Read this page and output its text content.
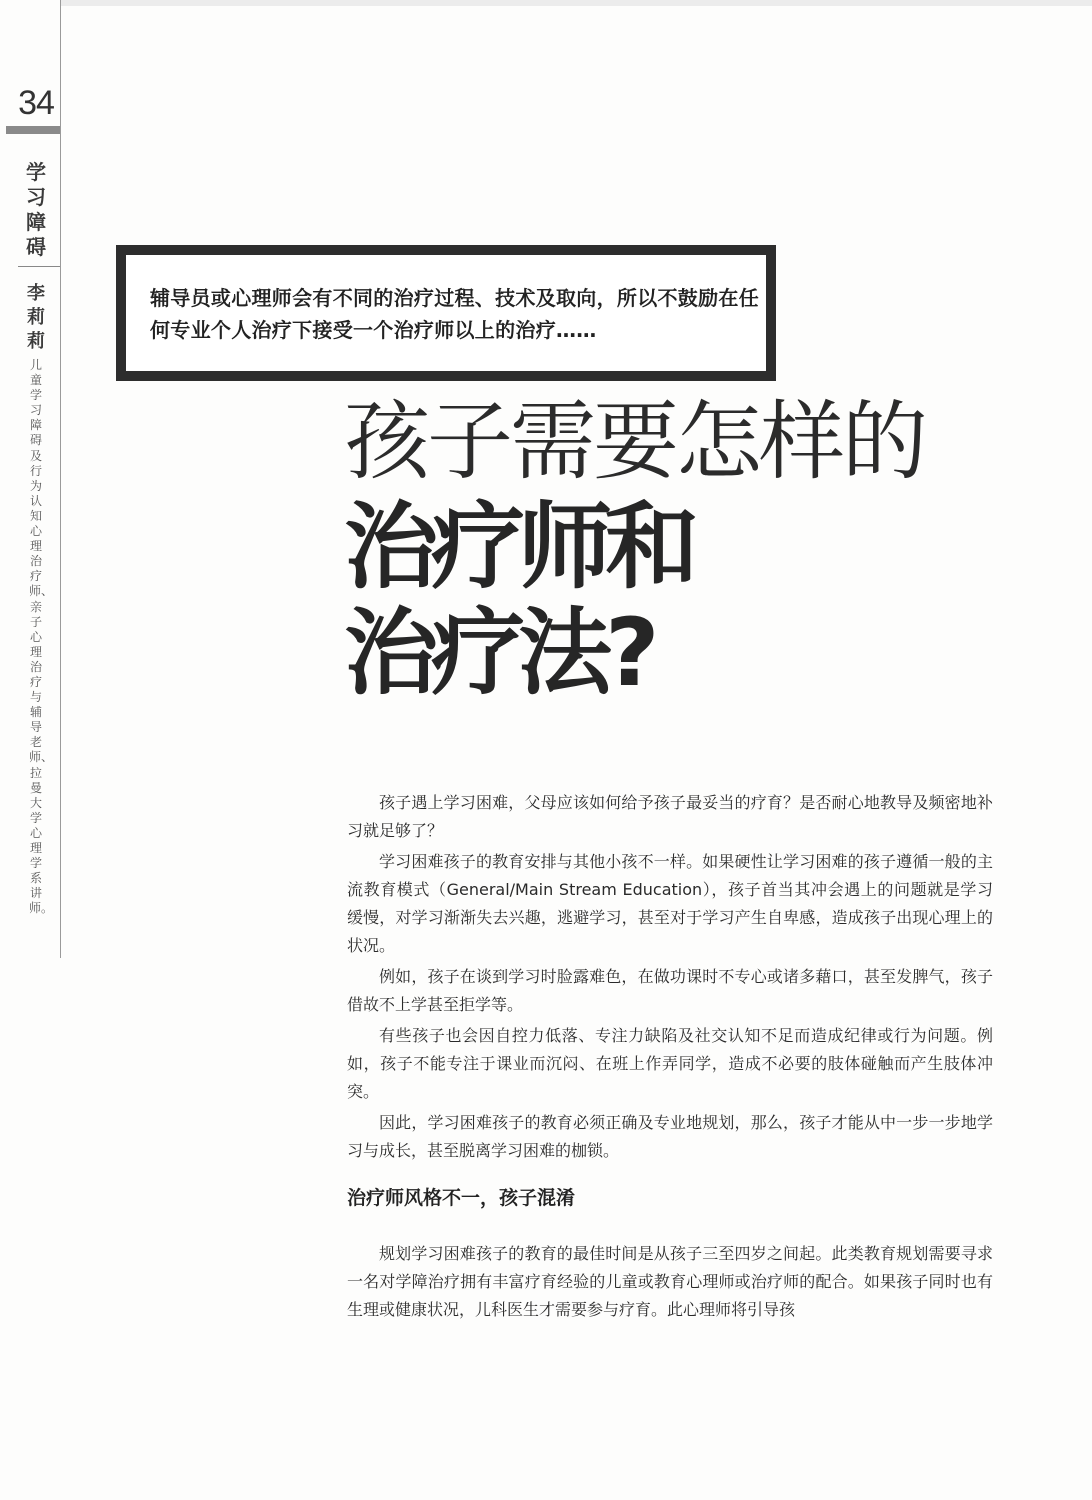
34
学习障碍
李莉莉
儿童学习障碍及行为认知心理治疗师、亲子心理治疗与辅导老师、拉曼大学心理学系讲师。
辅导员或心理师会有不同的治疗过程、技术及取向，所以不鼓励在任何专业个人治疗下接受一个治疗师以上的治疗……
孩子需要怎样的
治疗师和
治疗法?

孩子遇上学习困难，父母应该如何给予孩子最妥当的疗育？是否耐心地教导及频密地补习就足够了？

学习困难孩子的教育安排与其他小孩不一样。如果硬性让学习困难的孩子遵循一般的主流教育模式（General/Main Stream Education），孩子首当其冲会遇上的问题就是学习缓慢，对学习渐渐失去兴趣，逃避学习，甚至对于学习产生自卑感，造成孩子出现心理上的状况。

例如，孩子在谈到学习时脸露难色，在做功课时不专心或诸多藉口，甚至发脾气，孩子借故不上学甚至拒学等。

有些孩子也会因自控力低落、专注力缺陷及社交认知不足而造成纪律或行为问题。例如，孩子不能专注于课业而沉闷、在班上作弄同学，造成不必要的肢体碰触而产生肢体冲突。

因此，学习困难孩子的教育必须正确及专业地规划，那么，孩子才能从中一步一步地学习与成长，甚至脱离学习困难的枷锁。

治疗师风格不一，孩子混淆

规划学习困难孩子的教育的最佳时间是从孩子三至四岁之间起。此类教育规划需要寻求一名对学障治疗拥有丰富疗育经验的儿童或教育心理师或治疗师的配合。如果孩子同时也有生理或健康状况，儿科医生才需要参与疗育。此心理师将引导孩
